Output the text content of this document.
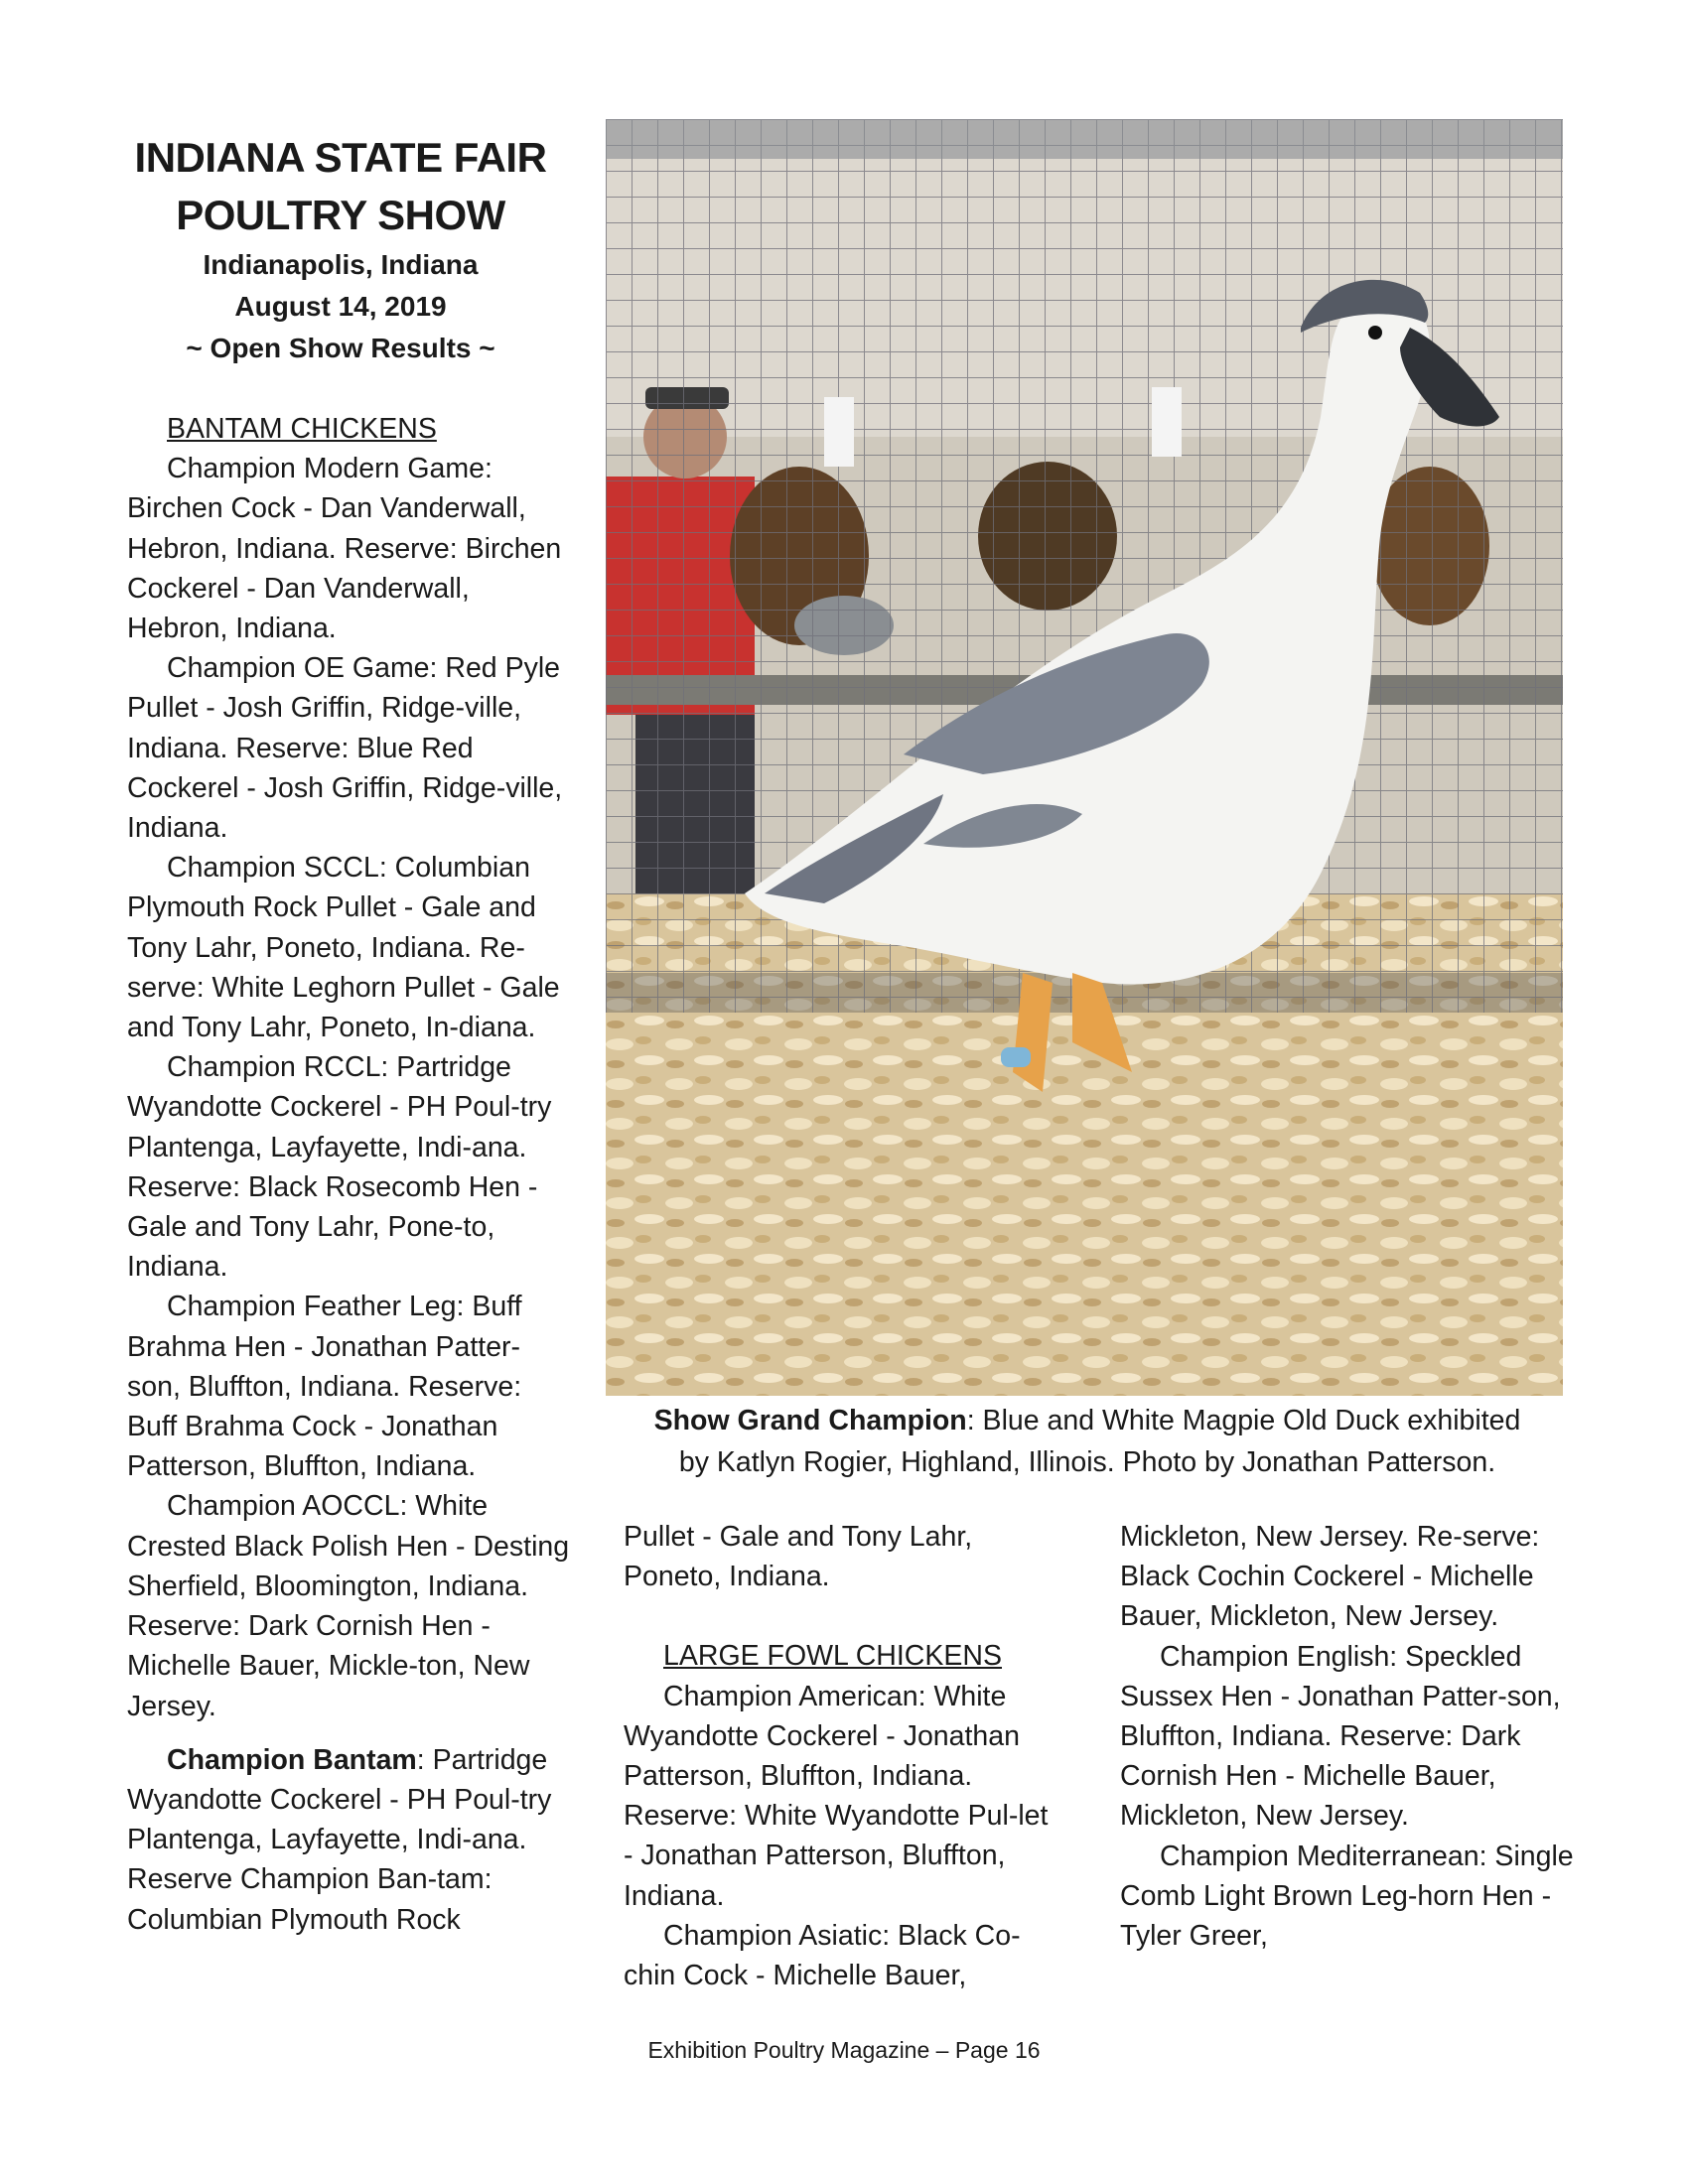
INDIANA STATE FAIR
POULTRY SHOW
Indianapolis, Indiana
August 14, 2019
~ Open Show Results ~

BANTAM CHICKENS

Champion Modern Game: Birchen Cock - Dan Vanderwall, Hebron, Indiana. Reserve: Birchen Cockerel - Dan Vanderwall, Hebron, Indiana.

Champion OE Game: Red Pyle Pullet - Josh Griffin, Ridge-ville, Indiana. Reserve: Blue Red Cockerel - Josh Griffin, Ridge-ville, Indiana.

Champion SCCL: Columbian Plymouth Rock Pullet - Gale and Tony Lahr, Poneto, Indiana. Re-serve: White Leghorn Pullet - Gale and Tony Lahr, Poneto, In-diana.

Champion RCCL: Partridge Wyandotte Cockerel - PH Poul-try Plantenga, Layfayette, Indi-ana. Reserve: Black Rosecomb Hen - Gale and Tony Lahr, Pone-to, Indiana.

Champion Feather Leg: Buff Brahma Hen - Jonathan Patter-son, Bluffton, Indiana. Reserve: Buff Brahma Cock - Jonathan Patterson, Bluffton, Indiana.

Champion AOCCL: White Crested Black Polish Hen - Desting Sherfield, Bloomington, Indiana. Reserve: Dark Cornish Hen - Michelle Bauer, Mickle-ton, New Jersey.

Champion Bantam: Partridge Wyandotte Cockerel - PH Poul-try Plantenga, Layfayette, Indi-ana. Reserve Champion Ban-tam: Columbian Plymouth Rock

Show Grand Champion: Blue and White Magpie Old Duck exhibited
by Katlyn Rogier, Highland, Illinois. Photo by Jonathan Patterson.

Pullet - Gale and Tony Lahr, Poneto, Indiana.

LARGE FOWL CHICKENS

Champion American: White Wyandotte Cockerel - Jonathan Patterson, Bluffton, Indiana. Reserve: White Wyandotte Pul-let - Jonathan Patterson, Bluffton, Indiana.

Champion Asiatic: Black Co-chin Cock - Michelle Bauer,

Mickleton, New Jersey. Re-serve: Black Cochin Cockerel - Michelle Bauer, Mickleton, New Jersey.

Champion English: Speckled Sussex Hen - Jonathan Patter-son, Bluffton, Indiana. Reserve: Dark Cornish Hen - Michelle Bauer, Mickleton, New Jersey.

Champion Mediterranean: Single Comb Light Brown Leg-horn Hen - Tyler Greer,

Exhibition Poultry Magazine – Page 16
